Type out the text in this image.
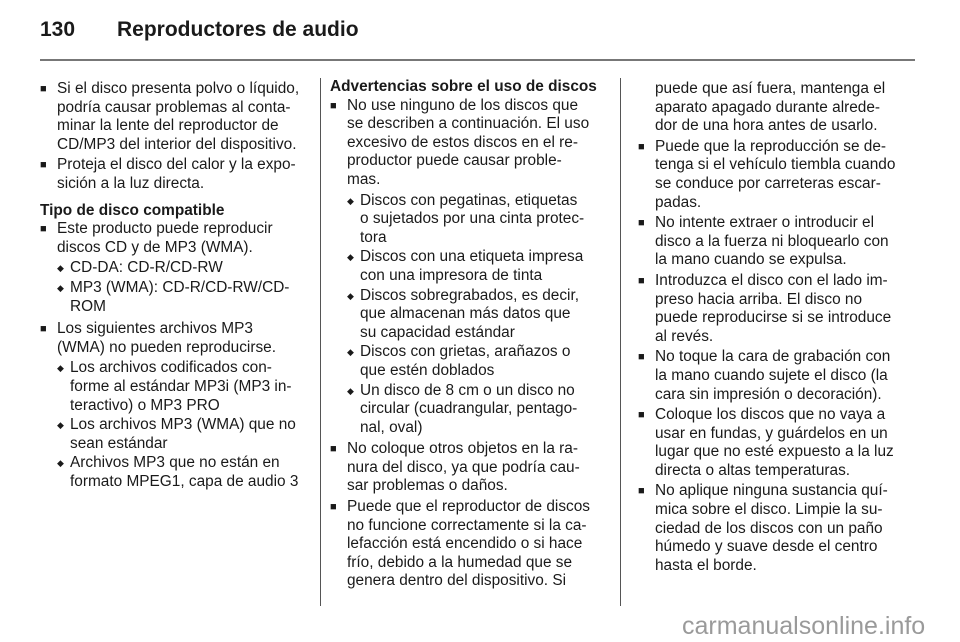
130 Reproductores de audio
■ Si el disco presenta polvo o líquido,
podría causar problemas al conta-
minar la lente del reproductor de
CD/MP3 del interior del dispositivo.
■ Proteja el disco del calor y la expo-
sición a la luz directa.
Tipo de disco compatible
■ Este producto puede reproducir
discos CD y de MP3 (WMA).
◆ CD-DA: CD-R/CD-RW
◆ MP3 (WMA): CD-R/CD-RW/CD-
ROM
■ Los siguientes archivos MP3
(WMA) no pueden reproducirse.
◆ Los archivos codificados con-
forme al estándar MP3i (MP3 in-
teractivo) o MP3 PRO
◆ Los archivos MP3 (WMA) que no
sean estándar
◆ Archivos MP3 que no están en
formato MPEG1, capa de audio 3
Advertencias sobre el uso de discos
■ No use ninguno de los discos que
se describen a continuación. El uso
excesivo de estos discos en el re-
productor puede causar proble-
mas.
◆ Discos con pegatinas, etiquetas
o sujetados por una cinta protec-
tora
◆ Discos con una etiqueta impresa
con una impresora de tinta
◆ Discos sobregrabados, es decir,
que almacenan más datos que
su capacidad estándar
◆ Discos con grietas, arañazos o
que estén doblados
◆ Un disco de 8 cm o un disco no
circular (cuadrangular, pentago-
nal, oval)
■ No coloque otros objetos en la ra-
nura del disco, ya que podría cau-
sar problemas o daños.
■ Puede que el reproductor de discos
no funcione correctamente si la ca-
lefacción está encendido o si hace
frío, debido a la humedad que se
genera dentro del dispositivo. Si
puede que así fuera, mantenga el
aparato apagado durante alrede-
dor de una hora antes de usarlo.
■ Puede que la reproducción se de-
tenga si el vehículo tiembla cuando
se conduce por carreteras escar-
padas.
■ No intente extraer o introducir el
disco a la fuerza ni bloquearlo con
la mano cuando se expulsa.
■ Introduzca el disco con el lado im-
preso hacia arriba. El disco no
puede reproducirse si se introduce
al revés.
■ No toque la cara de grabación con
la mano cuando sujete el disco (la
cara sin impresión o decoración).
■ Coloque los discos que no vaya a
usar en fundas, y guárdelos en un
lugar que no esté expuesto a la luz
directa o altas temperaturas.
■ No aplique ninguna sustancia quí-
mica sobre el disco. Limpie la su-
ciedad de los discos con un paño
húmedo y suave desde el centro
hasta el borde.
carmanualsonline.info
